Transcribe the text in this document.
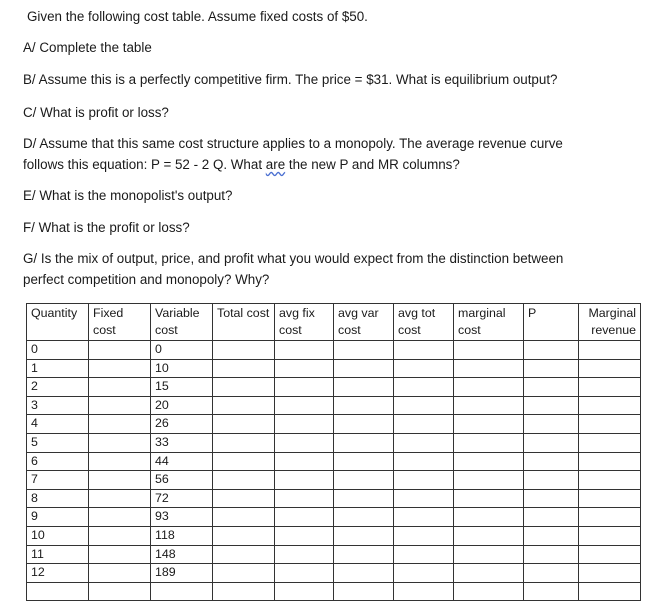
Given the following cost table. Assume fixed costs of $50.
A/ Complete the table
B/ Assume this is a perfectly competitive firm. The price = $31. What is equilibrium output?
C/ What is profit or loss?
D/ Assume that this same cost structure applies to a monopoly. The average revenue curve
follows this equation: P = 52 - 2 Q. What are the new P and MR columns?
E/ What is the monopolist's output?
F/ What is the profit or loss?
G/ Is the mix of output, price, and profit what you would expect from the distinction between
perfect competition and monopoly? Why?
Quantity	Fixed cost	Variable cost	Total cost	avg fix cost	avg var cost	avg tot cost	marginal cost	P	Marginal revenue
0		0							
1		10							
2		15							
3		20							
4		26							
5		33							
6		44							
7		56							
8		72							
9		93							
10		118							
11		148							
12		189							
